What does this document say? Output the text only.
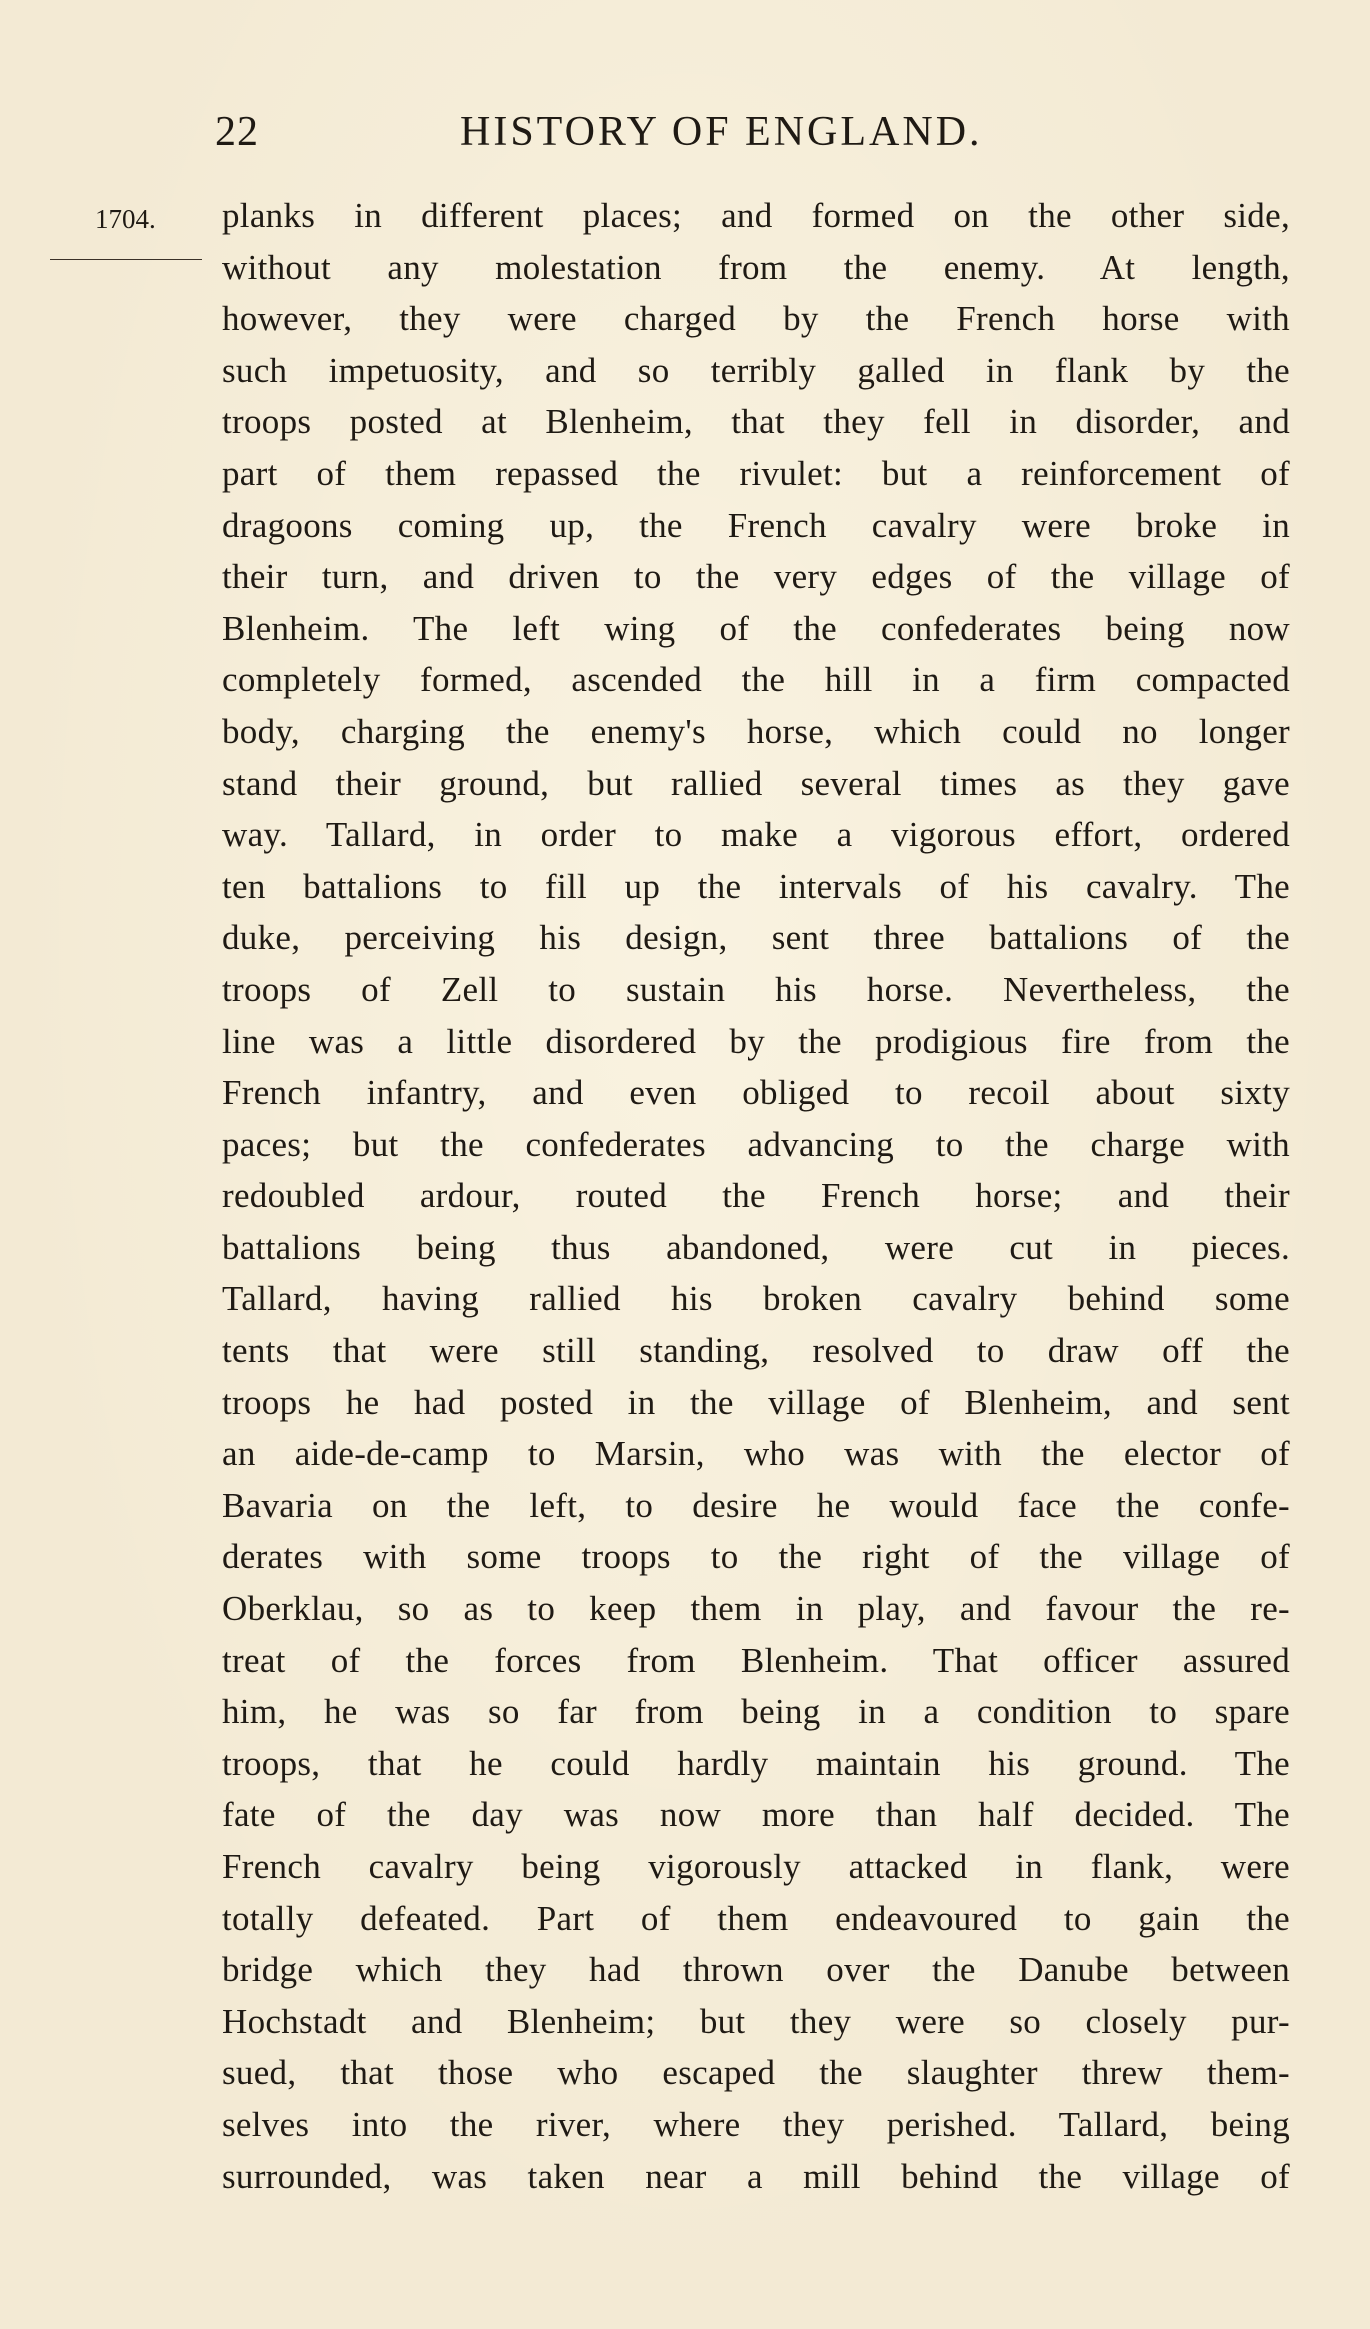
22	HISTORY OF ENGLAND.
1704. planks in different places; and formed on the other side,
without any molestation from the enemy. At length,
however, they were charged by the French horse with
such impetuosity, and so terribly galled in flank by the
troops posted at Blenheim, that they fell in disorder, and
part of them repassed the rivulet: but a reinforcement of
dragoons coming up, the French cavalry were broke in
their turn, and driven to the very edges of the village of
Blenheim. The left wing of the confederates being now
completely formed, ascended the hill in a firm compacted
body, charging the enemy's horse, which could no longer
stand their ground, but rallied several times as they gave
way. Tallard, in order to make a vigorous effort, ordered
ten battalions to fill up the intervals of his cavalry. The
duke, perceiving his design, sent three battalions of the
troops of Zell to sustain his horse. Nevertheless, the
line was a little disordered by the prodigious fire from the
French infantry, and even obliged to recoil about sixty
paces; but the confederates advancing to the charge with
redoubled ardour, routed the French horse; and their
battalions being thus abandoned, were cut in pieces.
Tallard, having rallied his broken cavalry behind some
tents that were still standing, resolved to draw off the
troops he had posted in the village of Blenheim, and sent
an aide-de-camp to Marsin, who was with the elector of
Bavaria on the left, to desire he would face the confe-
derates with some troops to the right of the village of
Oberklau, so as to keep them in play, and favour the re-
treat of the forces from Blenheim. That officer assured
him, he was so far from being in a condition to spare
troops, that he could hardly maintain his ground. The
fate of the day was now more than half decided. The
French cavalry being vigorously attacked in flank, were
totally defeated. Part of them endeavoured to gain the
bridge which they had thrown over the Danube between
Hochstadt and Blenheim; but they were so closely pur-
sued, that those who escaped the slaughter threw them-
selves into the river, where they perished. Tallard, being
surrounded, was taken near a mill behind the village of
